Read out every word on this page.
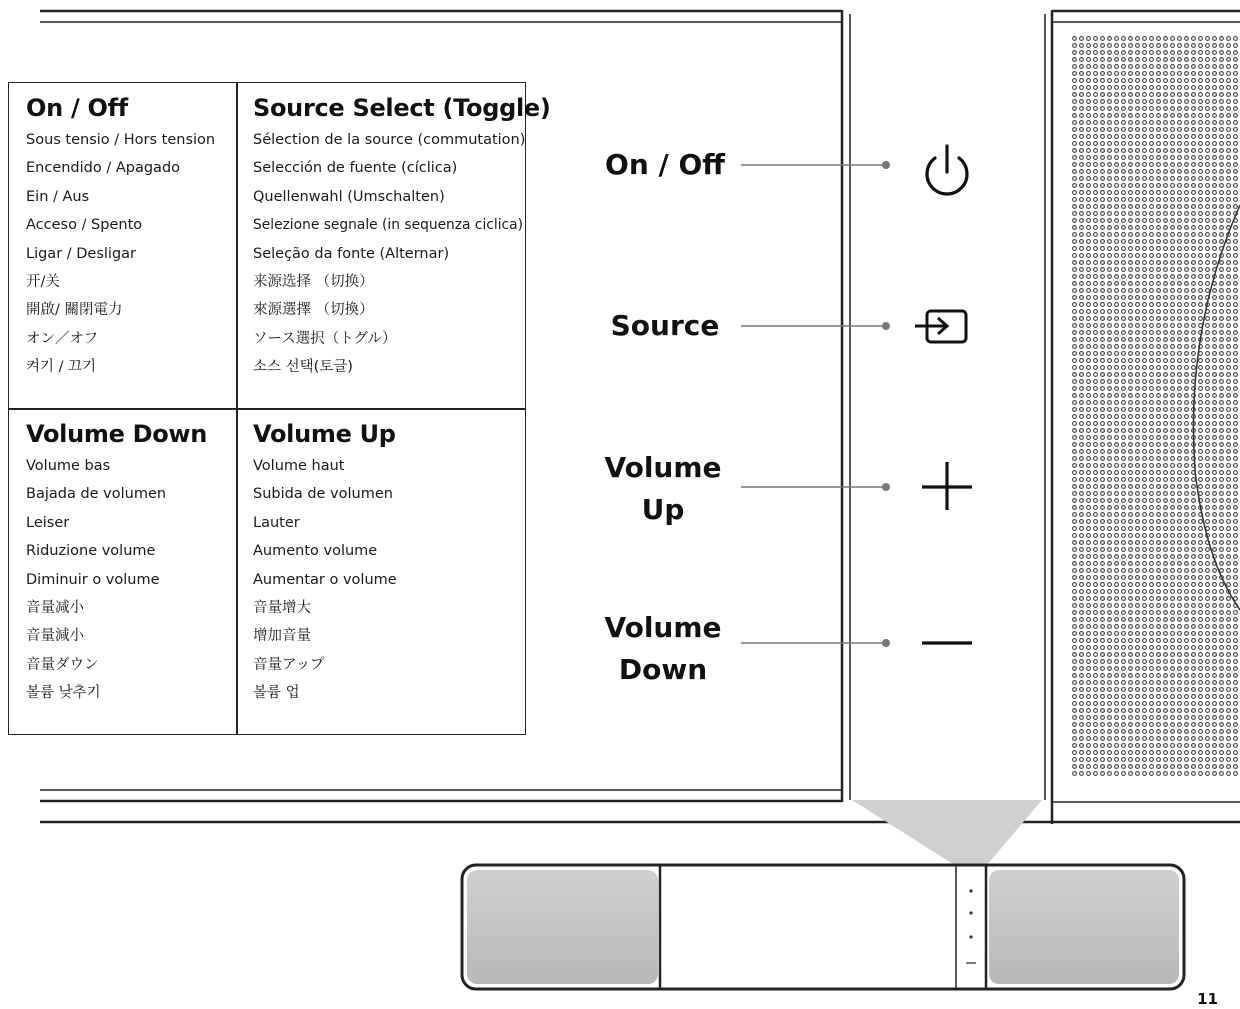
On / Off
Sous tensio / Hors tension
Encendido / Apagado
Ein / Aus
Acceso / Spento
Ligar / Desligar
开/关
開啟/ 關閉電力
オン／オフ
켜기 / 끄기
Source Select (Toggle)
Sélection de la source (commutation)
Selección de fuente (cíclica)
Quellenwahl (Umschalten)
Selezione segnale (in sequenza ciclica)
Seleção da fonte (Alternar)
来源选择 （切换）
來源選擇 （切換）
ソース選択（トグル）
소스 선택(토글)
Volume Down
Volume bas
Bajada de volumen
Leiser
Riduzione volume
Diminuir o volume
音量减小
音量減小
音量ダウン
볼륨 낮추기
Volume Up
Volume haut
Subida de volumen
Lauter
Aumento volume
Aumentar o volume
音量增大
增加音量
音量アップ
볼륨 업
On / Off
Source
Volume
Up
Volume
Down
11
